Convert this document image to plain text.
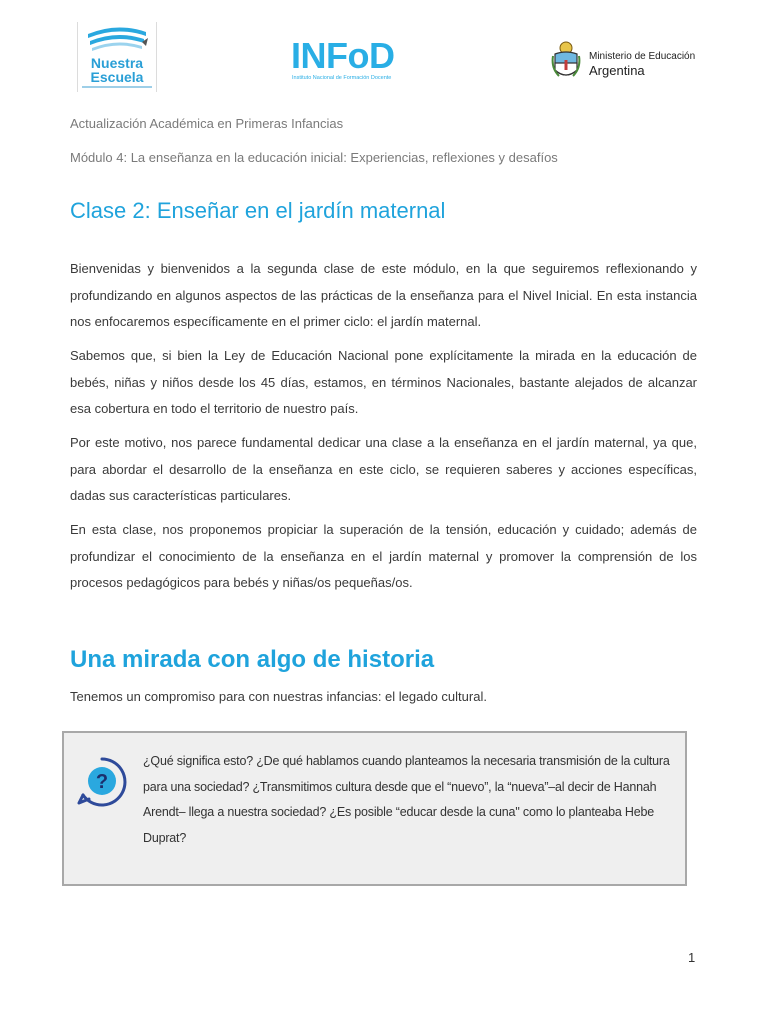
Nuestra
Escuela
INFoD
Instituto Nacional de Formación Docente
Ministerio de Educación
Argentina
Actualización Académica en Primeras Infancias
Módulo 4: La enseñanza en la educación inicial: Experiencias, reflexiones y desafíos
Clase 2: Enseñar en el jardín maternal

Bienvenidas y bienvenidos a la segunda clase de este módulo, en la que seguiremos reflexionando y profundizando en algunos aspectos de las prácticas de la enseñanza para el Nivel Inicial. En esta instancia nos enfocaremos específicamente en el primer ciclo: el jardín maternal.

Sabemos que, si bien la Ley de Educación Nacional pone explícitamente la mirada en la educación de bebés, niñas y niños desde los 45 días, estamos, en términos Nacionales, bastante alejados de alcanzar esa cobertura en todo el territorio de nuestro país.

Por este motivo, nos parece fundamental dedicar una clase a la enseñanza en el jardín maternal, ya que, para abordar el desarrollo de la enseñanza en este ciclo, se requieren saberes y acciones específicas, dadas sus características particulares.

En esta clase, nos proponemos propiciar la superación de la tensión, educación y cuidado; además de profundizar el conocimiento de la enseñanza en el jardín maternal y promover la comprensión de los procesos pedagógicos para bebés y niñas/os pequeñas/os.

Una mirada con algo de historia
Tenemos un compromiso para con nuestras infancias: el legado cultural.
?

¿Qué significa esto? ¿De qué hablamos cuando planteamos la necesaria transmisión de la cultura para una sociedad? ¿Transmitimos cultura desde que el “nuevo”, la “nueva”–al decir de Hannah Arendt– llega a nuestra sociedad? ¿Es posible “educar desde la cuna'' como lo planteaba Hebe Duprat?

1
